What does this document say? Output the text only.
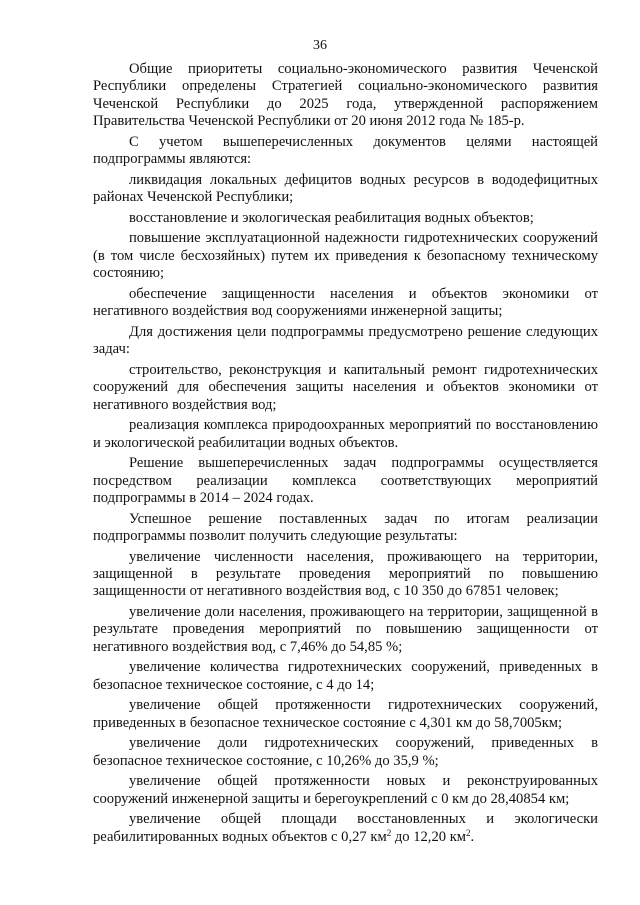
36

Общие приоритеты социально-экономического развития Чеченской Республики определены Стратегией социально-экономического развития Чеченской Республики до 2025 года, утвержденной распоряжением Правительства Чеченской Республики от 20 июня 2012 года № 185-р.

С учетом вышеперечисленных документов целями настоящей подпрограммы являются:

ликвидация локальных дефицитов водных ресурсов в вододефицитных районах Чеченской Республики;

восстановление и экологическая реабилитация водных объектов;

повышение эксплуатационной надежности гидротехнических сооружений (в том числе бесхозяйных) путем их приведения к безопасному техническому состоянию;

обеспечение защищенности населения и объектов экономики от негативного воздействия вод сооружениями инженерной защиты;

Для достижения цели подпрограммы предусмотрено решение следующих задач:

строительство, реконструкция и капитальный ремонт гидротехнических сооружений для обеспечения защиты населения и объектов экономики от негативного воздействия вод;

реализация комплекса природоохранных мероприятий по восстановлению и экологической реабилитации водных объектов.

Решение вышеперечисленных задач подпрограммы осуществляется посредством реализации комплекса соответствующих мероприятий подпрограммы в 2014 – 2024 годах.

Успешное решение поставленных задач по итогам реализации подпрограммы позволит получить следующие результаты:

увеличение численности населения, проживающего на территории, защищенной в результате проведения мероприятий по повышению защищенности от негативного воздействия вод, с 10 350 до 67851 человек;

увеличение доли населения, проживающего на территории, защищенной в результате проведения мероприятий по повышению защищенности от негативного воздействия вод, с 7,46% до 54,85 %;

увеличение количества гидротехнических сооружений, приведенных в безопасное техническое состояние, с 4 до 14;

увеличение общей протяженности гидротехнических сооружений, приведенных в безопасное техническое состояние с 4,301 км до 58,7005км;

увеличение доли гидротехнических сооружений, приведенных в безопасное техническое состояние, с 10,26% до 35,9 %;

увеличение общей протяженности новых и реконструированных сооружений инженерной защиты и берегоукреплений с 0 км до 28,40854 км;

увеличение общей площади восстановленных и экологически реабилитированных водных объектов с 0,27 $км^2$ до 12,20 $км^2$.
